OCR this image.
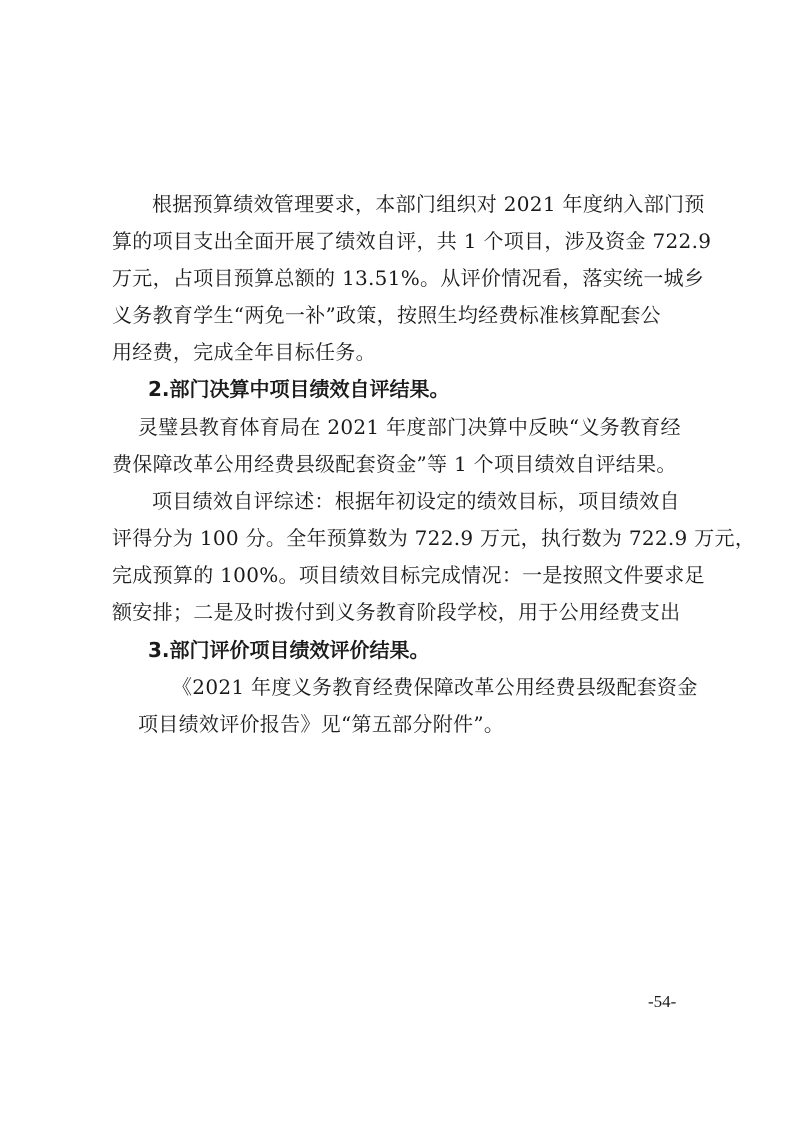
根据预算绩效管理要求，本部门组织对 2021 年度纳入部门预
算的项目支出全面开展了绩效自评，共 1 个项目，涉及资金 722.9
万元，占项目预算总额的 13.51%。从评价情况看，落实统一城乡
义务教育学生“两免一补”政策，按照生均经费标准核算配套公
用经费，完成全年目标任务。
2.部门决算中项目绩效自评结果。
灵璧县教育体育局在 2021 年度部门决算中反映“义务教育经
费保障改革公用经费县级配套资金”等 1 个项目绩效自评结果。
项目绩效自评综述：根据年初设定的绩效目标，项目绩效自
评得分为 100 分。全年预算数为 722.9 万元，执行数为 722.9 万元，
完成预算的 100%。项目绩效目标完成情况：一是按照文件要求足
额安排；二是及时拨付到义务教育阶段学校，用于公用经费支出
3.部门评价项目绩效评价结果。
《2021 年度义务教育经费保障改革公用经费县级配套资金
项目绩效评价报告》见“第五部分附件”。
-54-
